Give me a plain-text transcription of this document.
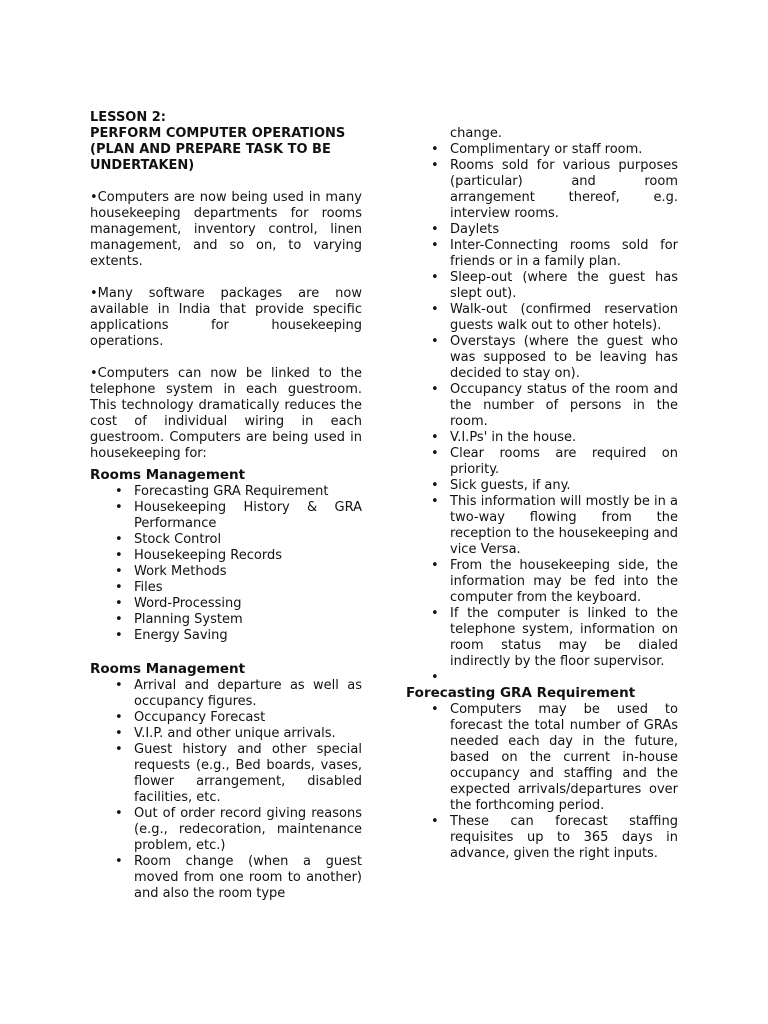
LESSON 2:
PERFORM COMPUTER OPERATIONS
(PLAN AND PREPARE TASK TO BE
UNDERTAKEN)

•Computers are now being used in many housekeeping departments for rooms management, inventory control, linen management, and so on, to varying extents.

•Many software packages are now available in India that provide specific applications for housekeeping operations.

•Computers can now be linked to the telephone system in each guestroom. This technology dramatically reduces the cost of individual wiring in each guestroom. Computers are being used in housekeeping for:

Rooms Management
• Forecasting GRA Requirement
• Housekeeping History & GRA Performance
• Stock Control
• Housekeeping Records
• Work Methods
• Files
• Word-Processing
• Planning System
• Energy Saving
Rooms Management
• Arrival and departure as well as occupancy figures.
• Occupancy Forecast
• V.I.P. and other unique arrivals.
• Guest history and other special requests (e.g., Bed boards, vases, flower arrangement, disabled facilities, etc.
• Out of order record giving reasons (e.g., redecoration, maintenance problem, etc.)
• Room change (when a guest moved from one room to another) and also the room type
change.
• Complimentary or staff room.
• Rooms sold for various purposes (particular) and room arrangement thereof, e.g. interview rooms.
• Daylets
• Inter-Connecting rooms sold for friends or in a family plan.
• Sleep-out (where the guest has slept out).
• Walk-out (confirmed reservation guests walk out to other hotels).
• Overstays (where the guest who was supposed to be leaving has decided to stay on).
• Occupancy status of the room and the number of persons in the room.
• V.I.Ps' in the house.
• Clear rooms are required on priority.
• Sick guests, if any.
• This information will mostly be in a two-way flowing from the reception to the housekeeping and vice Versa.
• From the housekeeping side, the information may be fed into the computer from the keyboard.
• If the computer is linked to the telephone system, information on room status may be dialed indirectly by the floor supervisor.
Forecasting GRA Requirement
• Computers may be used to forecast the total number of GRAs needed each day in the future, based on the current in-house occupancy and staffing and the expected arrivals/departures over the forthcoming period.
• These can forecast staffing requisites up to 365 days in advance, given the right inputs.
